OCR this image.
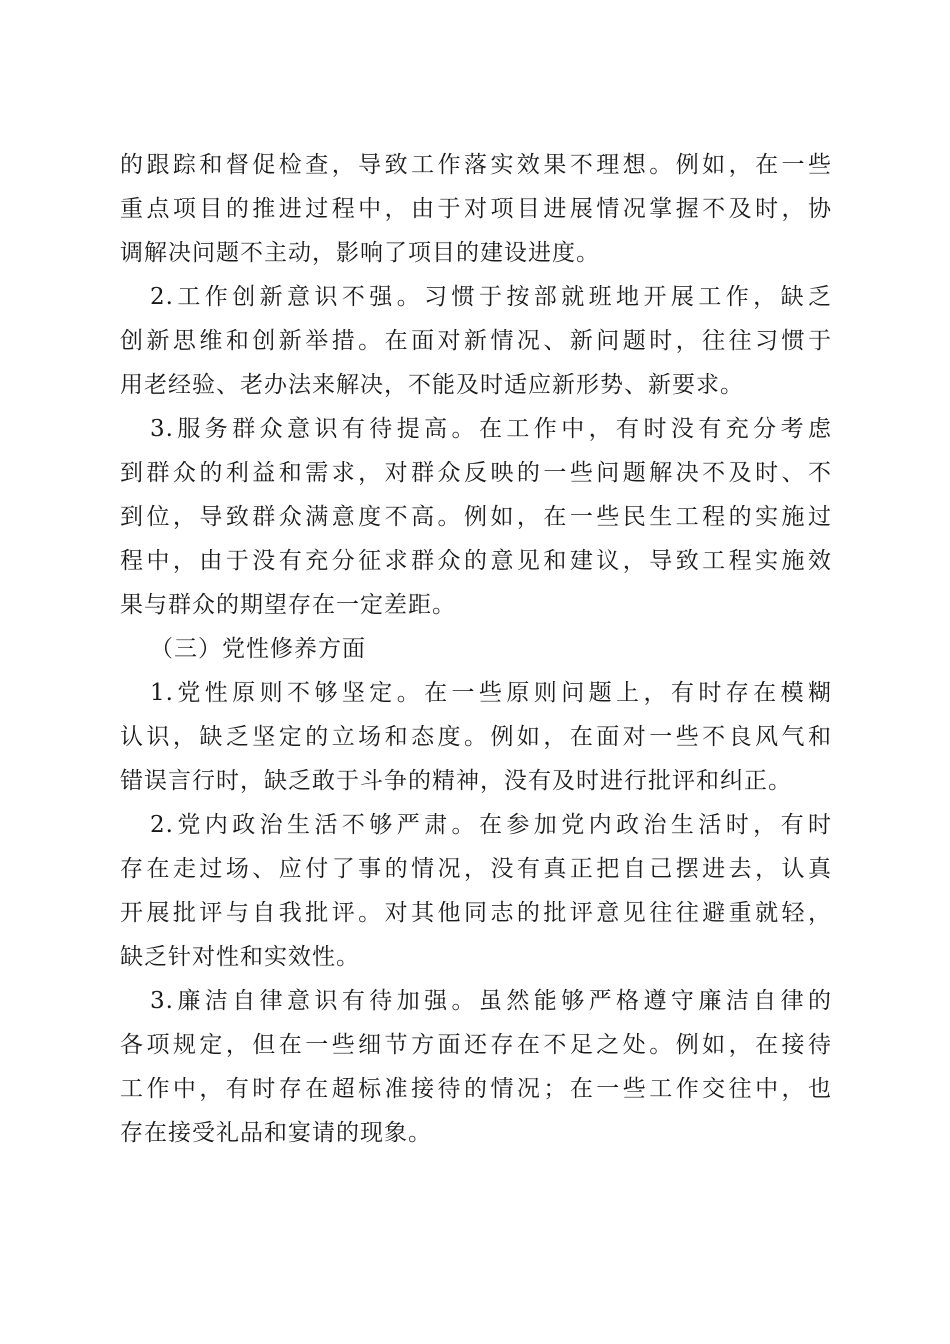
的跟踪和督促检查，导致工作落实效果不理想。例如，在一些
重点项目的推进过程中，由于对项目进展情况掌握不及时，协
调解决问题不主动，影响了项目的建设进度。
2.工作创新意识不强。习惯于按部就班地开展工作，缺乏
创新思维和创新举措。在面对新情况、新问题时，往往习惯于
用老经验、老办法来解决，不能及时适应新形势、新要求。
3.服务群众意识有待提高。在工作中，有时没有充分考虑
到群众的利益和需求，对群众反映的一些问题解决不及时、不
到位，导致群众满意度不高。例如，在一些民生工程的实施过
程中，由于没有充分征求群众的意见和建议，导致工程实施效
果与群众的期望存在一定差距。
（三）党性修养方面
1.党性原则不够坚定。在一些原则问题上，有时存在模糊
认识，缺乏坚定的立场和态度。例如，在面对一些不良风气和
错误言行时，缺乏敢于斗争的精神，没有及时进行批评和纠正。
2.党内政治生活不够严肃。在参加党内政治生活时，有时
存在走过场、应付了事的情况，没有真正把自己摆进去，认真
开展批评与自我批评。对其他同志的批评意见往往避重就轻，
缺乏针对性和实效性。
3.廉洁自律意识有待加强。虽然能够严格遵守廉洁自律的
各项规定，但在一些细节方面还存在不足之处。例如，在接待
工作中，有时存在超标准接待的情况；在一些工作交往中，也
存在接受礼品和宴请的现象。
